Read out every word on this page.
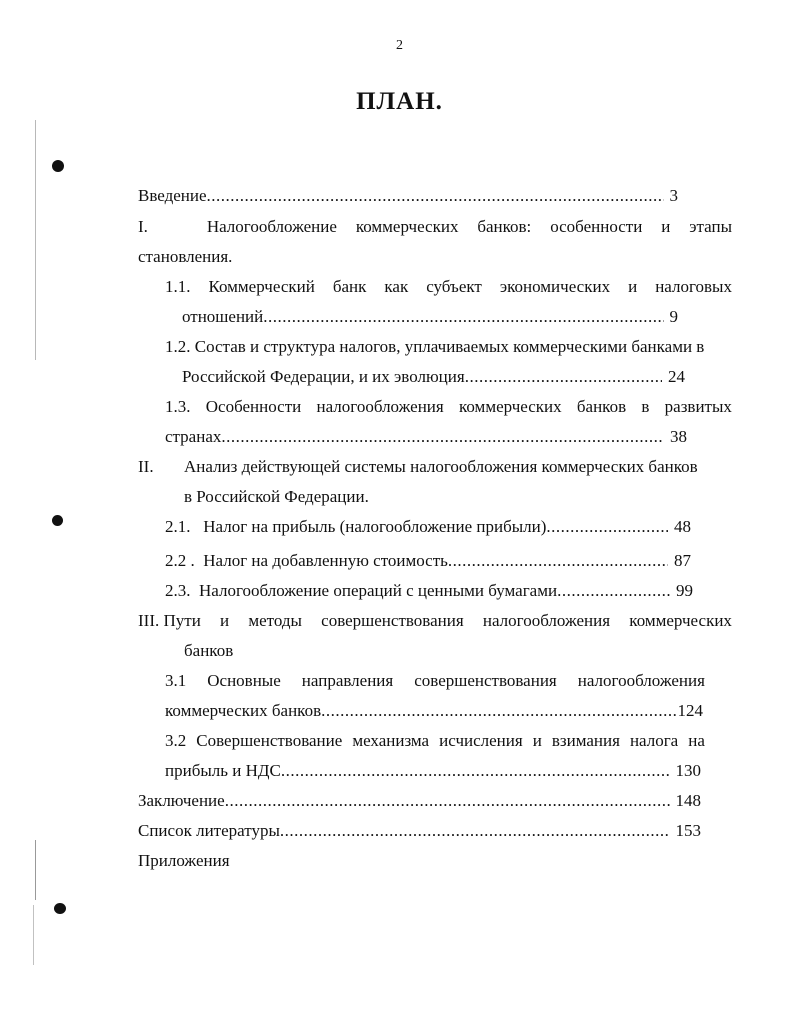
2
ПЛАН.
Введение .....	3
I.	Налогообложение коммерческих банков: особенности и этапы
становления.
1.1. Коммерческий банк как субъект экономических и налоговых
отношений .....	9
1.2. Состав и структура налогов, уплачиваемых коммерческими банками в
Российской Федерации, и их эволюция .....	24
1.3. Особенности налогообложения коммерческих банков в развитых
странах .....	38
II. Анализ действующей системы налогообложения коммерческих банков
в Российской Федерации.
2.1.   Налог на прибыль (налогообложение прибыли) .....	48
2.2 .  Налог на добавленную стоимость .....	87
2.3.  Налогообложение операций с ценными бумагами .....	99
III. Пути и методы совершенствования налогообложения коммерческих
банков
3.1 Основные направления совершенствования налогообложения
коммерческих банков .....	124
3.2 Совершенствование механизма исчисления и взимания налога на
прибыль и НДС .....	130
Заключение .....	148
Список литературы .....	153
Приложения
